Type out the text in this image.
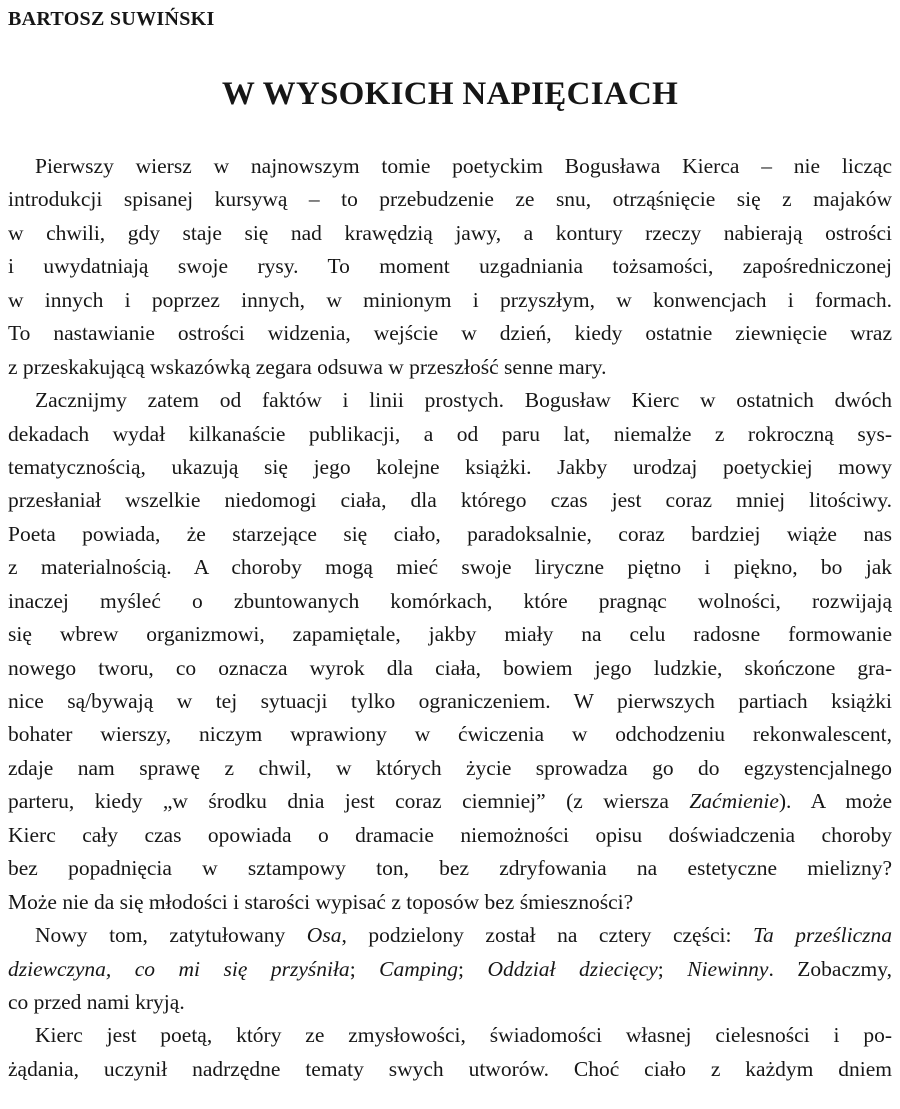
BARTOSZ SUWIŃSKI
W WYSOKICH NAPIĘCIACH
Pierwszy wiersz w najnowszym tomie poetyckim Bogusława Kierca – nie licząc
introdukcji spisanej kursywą – to przebudzenie ze snu, otrząśnięcie się z majaków
w chwili, gdy staje się nad krawędzią jawy, a kontury rzeczy nabierają ostrości
i uwydatniają swoje rysy. To moment uzgadniania tożsamości, zapośredniczonej
w innych i poprzez innych, w minionym i przyszłym, w konwencjach i formach.
To nastawianie ostrości widzenia, wejście w dzień, kiedy ostatnie ziewnięcie wraz
z przeskakującą wskazówką zegara odsuwa w przeszłość senne mary.
Zacznijmy zatem od faktów i linii prostych. Bogusław Kierc w ostatnich dwóch
dekadach wydał kilkanaście publikacji, a od paru lat, niemalże z rokroczną sys-
tematycznością, ukazują się jego kolejne książki. Jakby urodzaj poetyckiej mowy
przesłaniał wszelkie niedomogi ciała, dla którego czas jest coraz mniej litościwy.
Poeta powiada, że starzejące się ciało, paradoksalnie, coraz bardziej wiąże nas
z materialnością. A choroby mogą mieć swoje liryczne piętno i piękno, bo jak
inaczej myśleć o zbuntowanych komórkach, które pragnąc wolności, rozwijają
się wbrew organizmowi, zapamiętale, jakby miały na celu radosne formowanie
nowego tworu, co oznacza wyrok dla ciała, bowiem jego ludzkie, skończone gra-
nice są/bywają w tej sytuacji tylko ograniczeniem. W pierwszych partiach książki
bohater wierszy, niczym wprawiony w ćwiczenia w odchodzeniu rekonwalescent,
zdaje nam sprawę z chwil, w których życie sprowadza go do egzystencjalnego
parteru, kiedy „w środku dnia jest coraz ciemniej” (z wiersza Zaćmienie). A może
Kierc cały czas opowiada o dramacie niemożności opisu doświadczenia choroby
bez popadnięcia w sztampowy ton, bez zdryfowania na estetyczne mielizny?
Może nie da się młodości i starości wypisać z toposów bez śmieszności?
Nowy tom, zatytułowany Osa, podzielony został na cztery części: Ta prześliczna
dziewczyna, co mi się przyśniła; Camping; Oddział dziecięcy; Niewinny. Zobaczmy,
co przed nami kryją.
Kierc jest poetą, który ze zmysłowości, świadomości własnej cielesności i po-
żądania, uczynił nadrzędne tematy swych utworów. Choć ciało z każdym dniem
